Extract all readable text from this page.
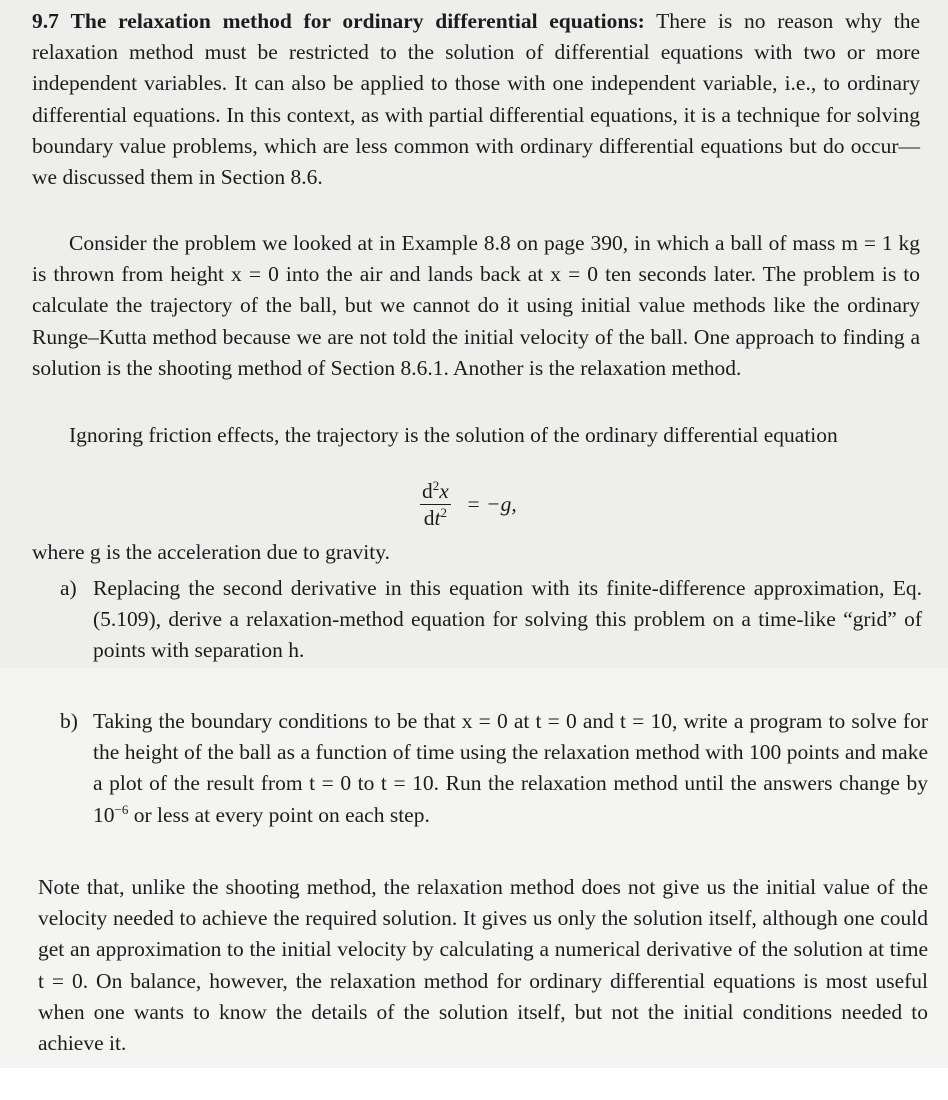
9.7 The relaxation method for ordinary differential equations: There is no reason why the relaxation method must be restricted to the solution of differential equations with two or more independent variables. It can also be applied to those with one independent variable, i.e., to ordinary differential equations. In this context, as with partial differential equations, it is a technique for solving boundary value problems, which are less common with ordinary differential equations but do occur—we discussed them in Section 8.6.
Consider the problem we looked at in Example 8.8 on page 390, in which a ball of mass m = 1 kg is thrown from height x = 0 into the air and lands back at x = 0 ten seconds later. The problem is to calculate the trajectory of the ball, but we cannot do it using initial value methods like the ordinary Runge–Kutta method because we are not told the initial velocity of the ball. One approach to finding a solution is the shooting method of Section 8.6.1. Another is the relaxation method.
Ignoring friction effects, the trajectory is the solution of the ordinary differential equation
$\frac{d^2x}{dt^2} = -g$,
where g is the acceleration due to gravity.
a) Replacing the second derivative in this equation with its finite-difference approximation, Eq. (5.109), derive a relaxation-method equation for solving this problem on a time-like “grid” of points with separation h.
b) Taking the boundary conditions to be that x = 0 at t = 0 and t = 10, write a program to solve for the height of the ball as a function of time using the relaxation method with 100 points and make a plot of the result from t = 0 to t = 10. Run the relaxation method until the answers change by $10^{-6}$ or less at every point on each step.
Note that, unlike the shooting method, the relaxation method does not give us the initial value of the velocity needed to achieve the required solution. It gives us only the solution itself, although one could get an approximation to the initial velocity by calculating a numerical derivative of the solution at time t = 0. On balance, however, the relaxation method for ordinary differential equations is most useful when one wants to know the details of the solution itself, but not the initial conditions needed to achieve it.
